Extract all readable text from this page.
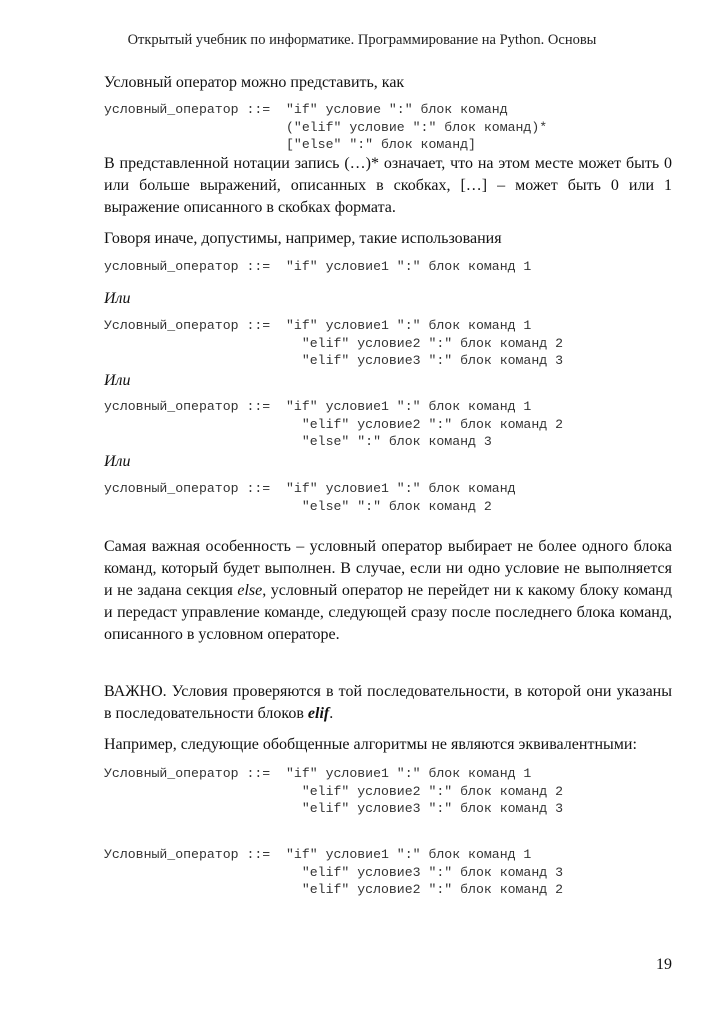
Открытый учебник по информатике. Программирование на Python. Основы

Условный оператор можно представить, как

условный_оператор ::=  "if" условие ":" блок команд
("elif" условие ":" блок команд)*
["else" ":" блок команд]

В представленной нотации запись (…)* означает, что на этом месте может быть 0 или больше выражений, описанных в скобках, […] – может быть 0 или 1 выражение описанного в скобках формата.

Говоря иначе, допустимы, например, такие использования

условный_оператор ::=  "if" условие1 ":" блок команд 1

Или

Условный_оператор ::=  "if" условие1 ":" блок команд 1
"elif" условие2 ":" блок команд 2
"elif" условие3 ":" блок команд 3

Или

условный_оператор ::=  "if" условие1 ":" блок команд 1
"elif" условие2 ":" блок команд 2
"else" ":" блок команд 3

Или

условный_оператор ::=  "if" условие1 ":" блок команд
"else" ":" блок команд 2

Самая важная особенность – условный оператор выбирает не более одного блока команд, который будет выполнен. В случае, если ни одно условие не выполняется и не задана секция else, условный оператор не перейдет ни к какому блоку команд и передаст управление команде, следующей сразу после последнего блока команд, описанного в условном операторе.

ВАЖНО. Условия проверяются в той последовательности, в которой они указаны в последовательности блоков elif.

Например, следующие обобщенные алгоритмы не являются эквивалентными:

Условный_оператор ::=  "if" условие1 ":" блок команд 1
"elif" условие2 ":" блок команд 2
"elif" условие3 ":" блок команд 3
Условный_оператор ::=  "if" условие1 ":" блок команд 1
"elif" условие3 ":" блок команд 3
"elif" условие2 ":" блок команд 2
19
